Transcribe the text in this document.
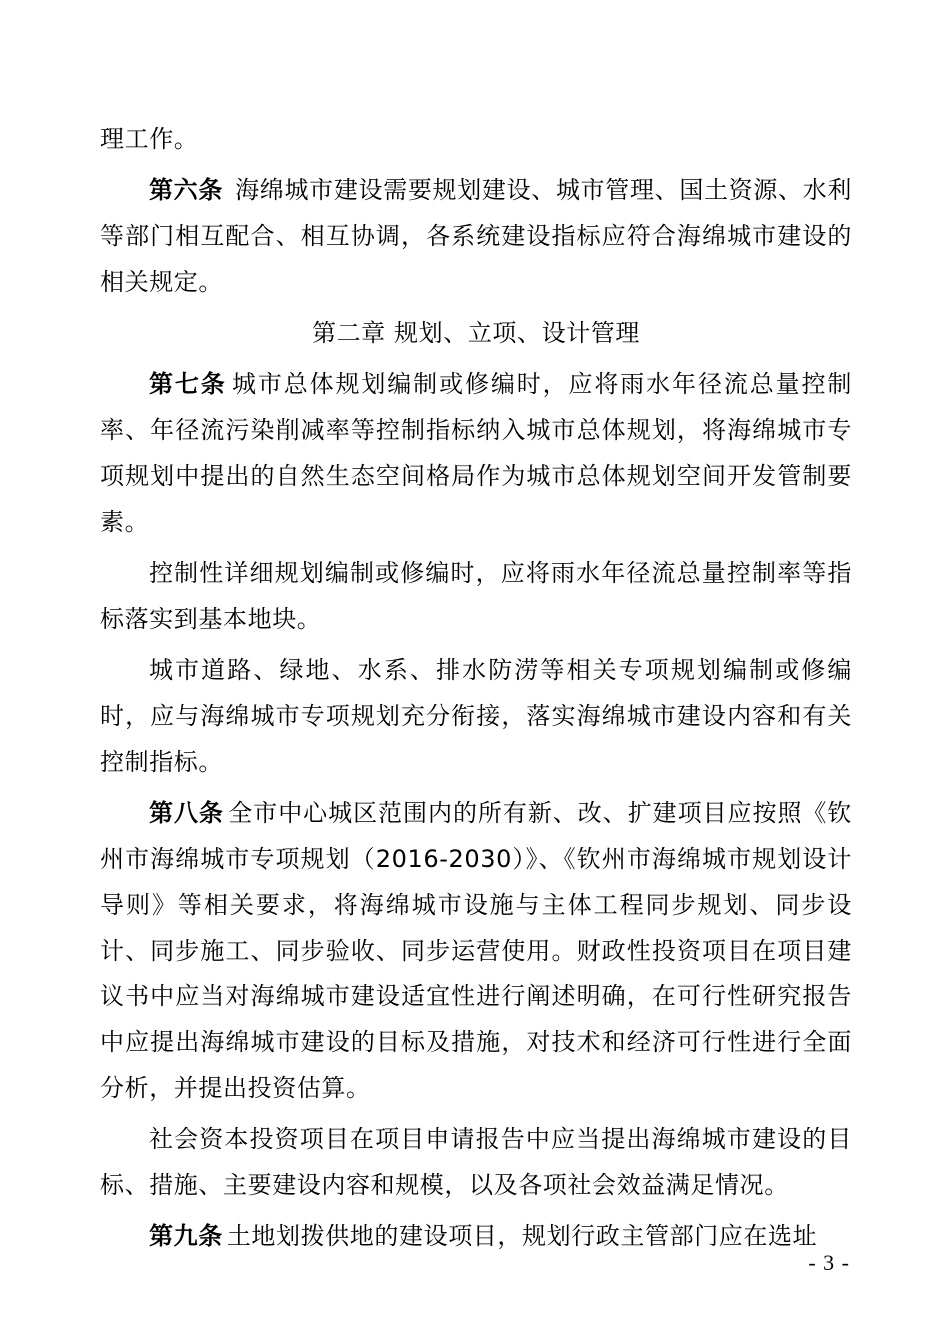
理工作。

第六条 海绵城市建设需要规划建设、城市管理、国土资源、水利等部门相互配合、相互协调，各系统建设指标应符合海绵城市建设的相关规定。

第二章 规划、立项、设计管理

第七条 城市总体规划编制或修编时，应将雨水年径流总量控制率、年径流污染削减率等控制指标纳入城市总体规划，将海绵城市专项规划中提出的自然生态空间格局作为城市总体规划空间开发管制要素。

控制性详细规划编制或修编时，应将雨水年径流总量控制率等指标落实到基本地块。

城市道路、绿地、水系、排水防涝等相关专项规划编制或修编时，应与海绵城市专项规划充分衔接，落实海绵城市建设内容和有关控制指标。

第八条 全市中心城区范围内的所有新、改、扩建项目应按照《钦州市海绵城市专项规划（2016-2030）》、《钦州市海绵城市规划设计导则》等相关要求，将海绵城市设施与主体工程同步规划、同步设计、同步施工、同步验收、同步运营使用。财政性投资项目在项目建议书中应当对海绵城市建设适宜性进行阐述明确，在可行性研究报告中应提出海绵城市建设的目标及措施，对技术和经济可行性进行全面分析，并提出投资估算。

社会资本投资项目在项目申请报告中应当提出海绵城市建设的目标、措施、主要建设内容和规模，以及各项社会效益满足情况。

第九条 土地划拨供地的建设项目，规划行政主管部门应在选址

- 3 -
